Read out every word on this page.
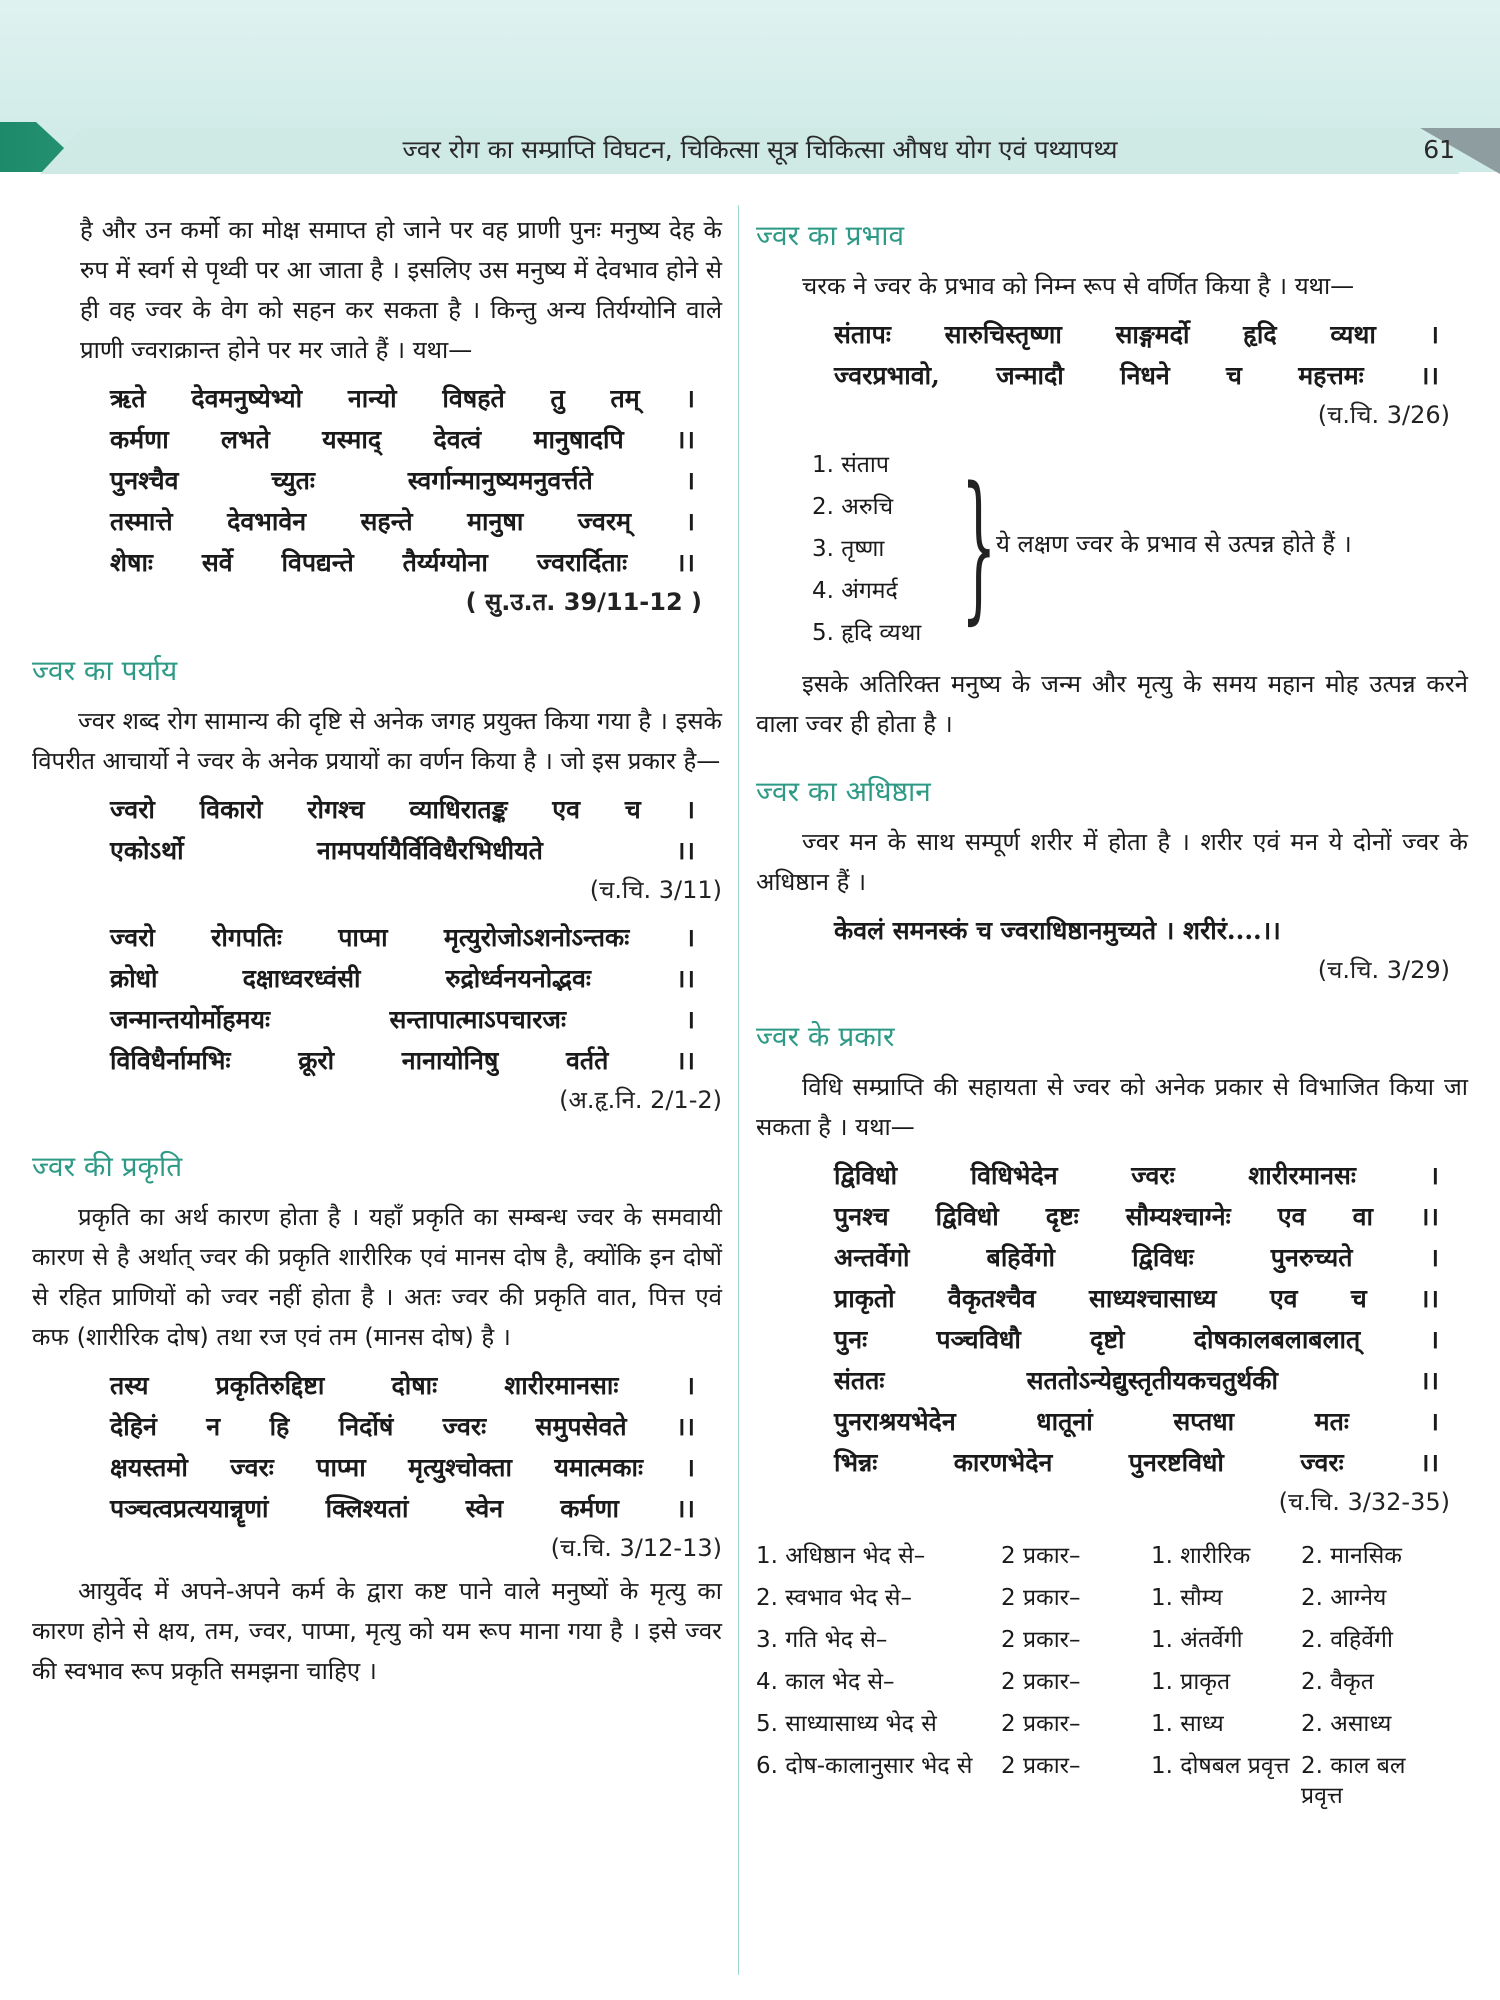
ज्वर रोग का सम्प्राप्ति विघटन, चिकित्सा सूत्र चिकित्सा औषध योग एवं पथ्यापथ्य	61

है और उन कर्मो का मोक्ष समाप्त हो जाने पर वह प्राणी पुनः मनुष्य देह के रुप में स्वर्ग से पृथ्वी पर आ जाता है । इसलिए उस मनुष्य में देवभाव होने से ही वह ज्वर के वेग को सहन कर सकता है । किन्तु अन्य तिर्यग्योनि वाले प्राणी ज्वराक्रान्त होने पर मर जाते हैं । यथा—

ऋते देवमनुष्येभ्यो नान्यो विषहते तु तम् ।
कर्मणा लभते यस्माद् देवत्वं मानुषादपि ।।
पुनश्चैव च्युतः स्वर्गान्मानुष्यमनुवर्त्तते ।
तस्मात्ते देवभावेन सहन्ते मानुषा ज्वरम् ।
शेषाः सर्वे विपद्यन्ते तैर्य्यग्योना ज्वरार्दिताः ।।
( सु.उ.त. 39/11-12 )
ज्वर का पर्याय

ज्वर शब्द रोग सामान्य की दृष्टि से अनेक जगह प्रयुक्त किया गया है । इसके विपरीत आचार्यो ने ज्वर के अनेक प्रयायों का वर्णन किया है । जो इस प्रकार है—

ज्वरो विकारो रोगश्च व्याधिरातङ्क एव च ।
एकोऽर्थो नामपर्यायैर्विविधैरभिधीयते ।।
(च.चि. 3/11)
ज्वरो रोगपतिः पाप्मा मृत्युरोजोऽशनोऽन्तकः ।
क्रोधो दक्षाध्वरध्वंसी रुद्रोर्ध्वनयनोद्भवः ।।
जन्मान्तयोर्मोहमयः सन्तापात्माऽपचारजः ।
विविधैर्नामभिः क्रूरो नानायोनिषु वर्तते ।।
(अ.हृ.नि. 2/1-2)
ज्वर की प्रकृति

प्रकृति का अर्थ कारण होता है । यहाँ प्रकृति का सम्बन्ध ज्वर के समवायी कारण से है अर्थात् ज्वर की प्रकृति शारीरिक एवं मानस दोष है, क्योंकि इन दोषों से रहित प्राणियों को ज्वर नहीं होता है । अतः ज्वर की प्रकृति वात, पित्त एवं कफ (शारीरिक दोष) तथा रज एवं तम (मानस दोष) है ।

तस्य प्रकृतिरुद्दिष्टा दोषाः शारीरमानसाः ।
देहिनं न हि निर्दोषं ज्वरः समुपसेवते ।।
क्षयस्तमो ज्वरः पाप्मा मृत्युश्चोक्ता यमात्मकाः ।
पञ्चत्वप्रत्ययान्नॄणां क्लिश्यतां स्वेन कर्मणा ।।
(च.चि. 3/12-13)

आयुर्वेद में अपने-अपने कर्म के द्वारा कष्ट पाने वाले मनुष्यों के मृत्यु का कारण होने से क्षय, तम, ज्वर, पाप्मा, मृत्यु को यम रूप माना गया है । इसे ज्वर की स्वभाव रूप प्रकृति समझना चाहिए ।

ज्वर का प्रभाव

चरक ने ज्वर के प्रभाव को निम्न रूप से वर्णित किया है । यथा—

संतापः सारुचिस्तृष्णा साङ्गमर्दो हृदि व्यथा ।
ज्वरप्रभावो, जन्मादौ निधने च महत्तमः ।।
(च.चि. 3/26)
1. संताप
2. अरुचि
3. तृष्णा
4. अंगमर्द
5. हृदि व्यथा } ये लक्षण ज्वर के प्रभाव से उत्पन्न होते हैं ।

इसके अतिरिक्त मनुष्य के जन्म और मृत्यु के समय महान मोह उत्पन्न करने वाला ज्वर ही होता है ।

ज्वर का अधिष्ठान

ज्वर मन के साथ सम्पूर्ण शरीर में होता है । शरीर एवं मन ये दोनों ज्वर के अधिष्ठान हैं ।

केवलं समनस्कं च ज्वराधिष्ठानमुच्यते । शरीरं....।।
(च.चि. 3/29)
ज्वर के प्रकार

विधि सम्प्राप्ति की सहायता से ज्वर को अनेक प्रकार से विभाजित किया जा सकता है । यथा—

द्विविधो विधिभेदेन ज्वरः शारीरमानसः ।
पुनश्च द्विविधो दृष्टः सौम्यश्चाग्नेः एव वा ।।
अन्तर्वेगो बहिर्वेगो द्विविधः पुनरुच्यते ।
प्राकृतो वैकृतश्चैव साध्यश्चासाध्य एव च ।।
पुनः पञ्चविधौ दृष्टो दोषकालबलाबलात् ।
संततः सततोऽन्येद्युस्तृतीयकचतुर्थकी ।।
पुनराश्रयभेदेन धातूनां सप्तधा मतः ।
भिन्नः कारणभेदेन पुनरष्टविधो ज्वरः ।।
(च.चि. 3/32-35)
1. अधिष्ठान भेद से–	2 प्रकार–	1. शारीरिक	2. मानसिक
2. स्वभाव भेद से–	2 प्रकार–	1. सौम्य	2. आग्नेय
3. गति भेद से–	2 प्रकार–	1. अंतर्वेगी	2. वहिर्वेगी
4. काल भेद से–	2 प्रकार–	1. प्राकृत	2. वैकृत
5. साध्यासाध्य भेद से	2 प्रकार–	1. साध्य	2. असाध्य
6. दोष-कालानुसार भेद से	2 प्रकार–	1. दोषबल प्रवृत्त	2. काल बल प्रवृत्त
